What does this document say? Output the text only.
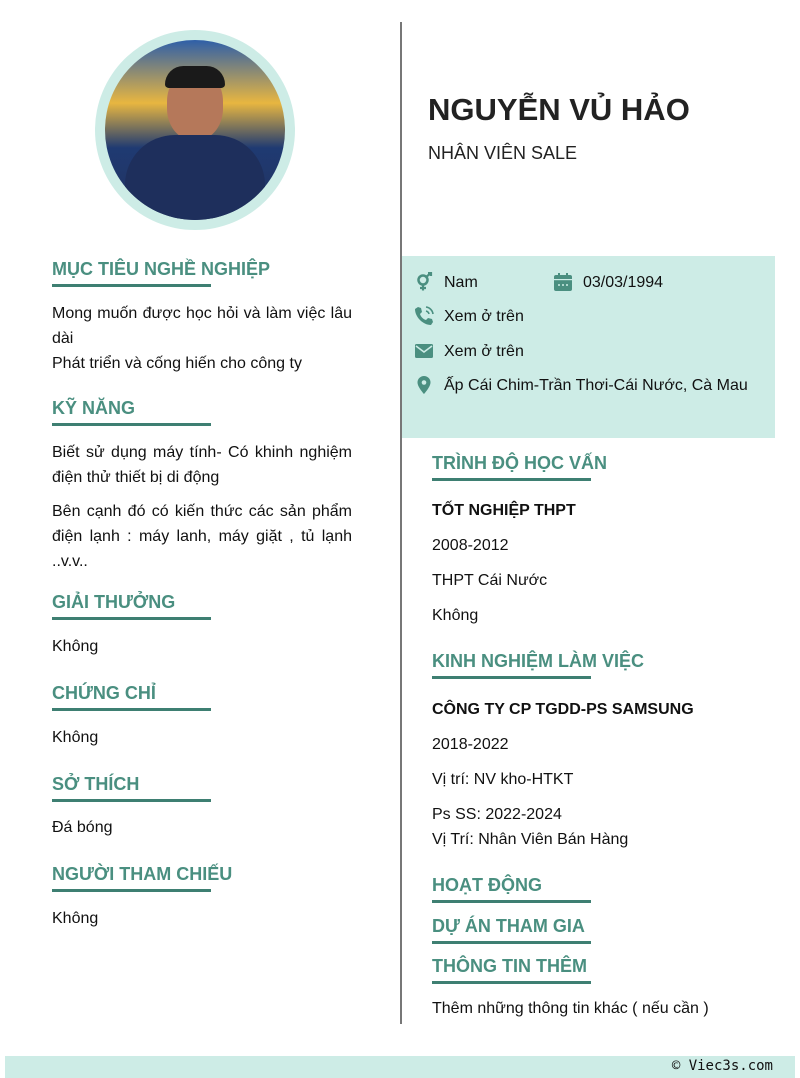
MỤC TIÊU NGHỀ NGHIỆP
Mong muốn được học hỏi và làm việc lâu dài
Phát triển và cống hiến cho công ty
KỸ NĂNG
Biết sử dụng máy tính- Có khinh nghiệm điện thử thiết bị di động
Bên cạnh đó có kiến thức các sản phẩm điện lạnh : máy lanh, máy giặt , tủ lạnh ..v.v..
GIẢI THƯỞNG
Không
CHỨNG CHỈ
Không
SỞ THÍCH
Đá bóng
NGƯỜI THAM CHIẾU
Không
NGUYỄN VỦ HẢO
NHÂN VIÊN SALE
Nam	03/03/1994
Xem ở trên
Xem ở trên
Ấp Cái Chim-Trần Thơi-Cái Nước, Cà Mau
TRÌNH ĐỘ HỌC VẤN
TỐT NGHIỆP THPT
2008-2012
THPT Cái Nước
Không
KINH NGHIỆM LÀM VIỆC
CÔNG TY CP TGDD-PS SAMSUNG
2018-2022
Vị trí: NV kho-HTKT
Ps SS: 2022-2024
Vị Trí: Nhân Viên Bán Hàng
HOẠT ĐỘNG
DỰ ÁN THAM GIA
THÔNG TIN THÊM
Thêm những thông tin khác ( nếu cần )
© Viec3s.com
